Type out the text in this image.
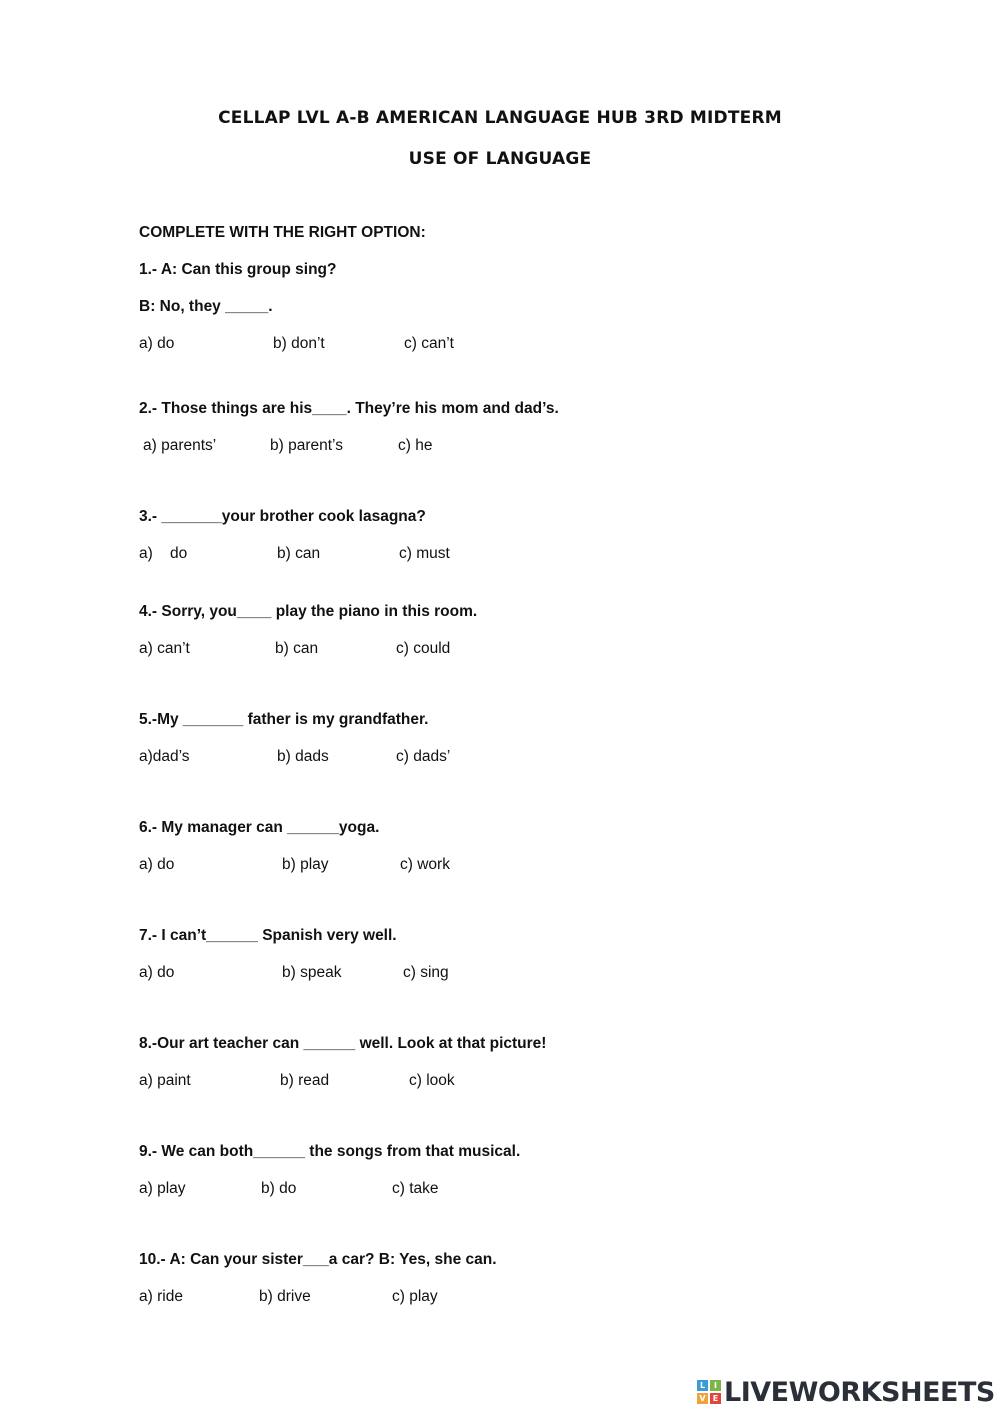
CELLAP LVL A-B AMERICAN LANGUAGE HUB 3RD MIDTERM
USE OF LANGUAGE
COMPLETE WITH THE RIGHT OPTION:
1.- A: Can this group sing?
B: No, they _____.
a) do	b) don’t	c) can’t
2.- Those things are his____. They’re his mom and dad’s.
a) parents’	b) parent’s	c) he
3.- _______your brother cook lasagna?
a)    do	b) can	c) must
4.- Sorry, you____ play the piano in this room.
a) can’t	b) can	c) could
5.-My _______ father is my grandfather.
a)dad’s	b) dads	c) dads’
6.- My manager can ______yoga.
a) do	b) play	c) work
7.- I can’t______ Spanish very well.
a) do	b) speak	c) sing
8.-Our art teacher can ______ well. Look at that picture!
a) paint	b) read	c) look
9.- We can both______ the songs from that musical.
a) play	b) do	c) take
10.- A: Can your sister___a car? B: Yes, she can.
a) ride	b) drive	c) play
L	I
V E LIVEWORKSHEETS
